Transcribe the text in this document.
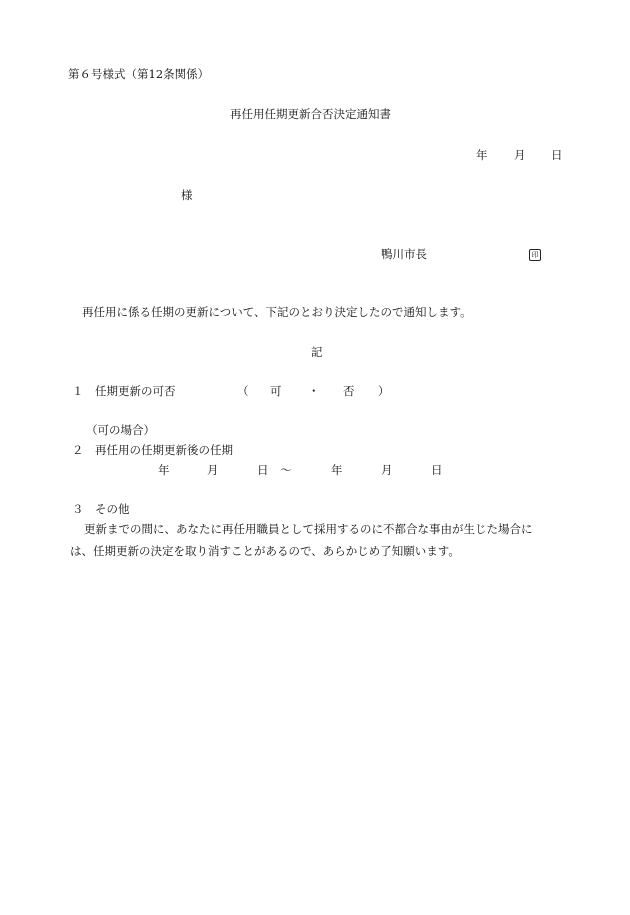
第６号様式（第12条関係）
再任用任期更新合否決定通知書
年 月 日
様
鴨川市長	印
再任用に係る任期の更新について、下記のとおり決定したので通知します。
記
１ 任期更新の可否	（ 可 ・ 否 ）
（可の場合）
２ 再任用の任期更新後の任期
年	月	日 ～	年	月	日
３ その他
更新までの間に、あなたに再任用職員として採用するのに不都合な事由が生じた場合に
は、任期更新の決定を取り消すことがあるので、あらかじめ了知願います。
